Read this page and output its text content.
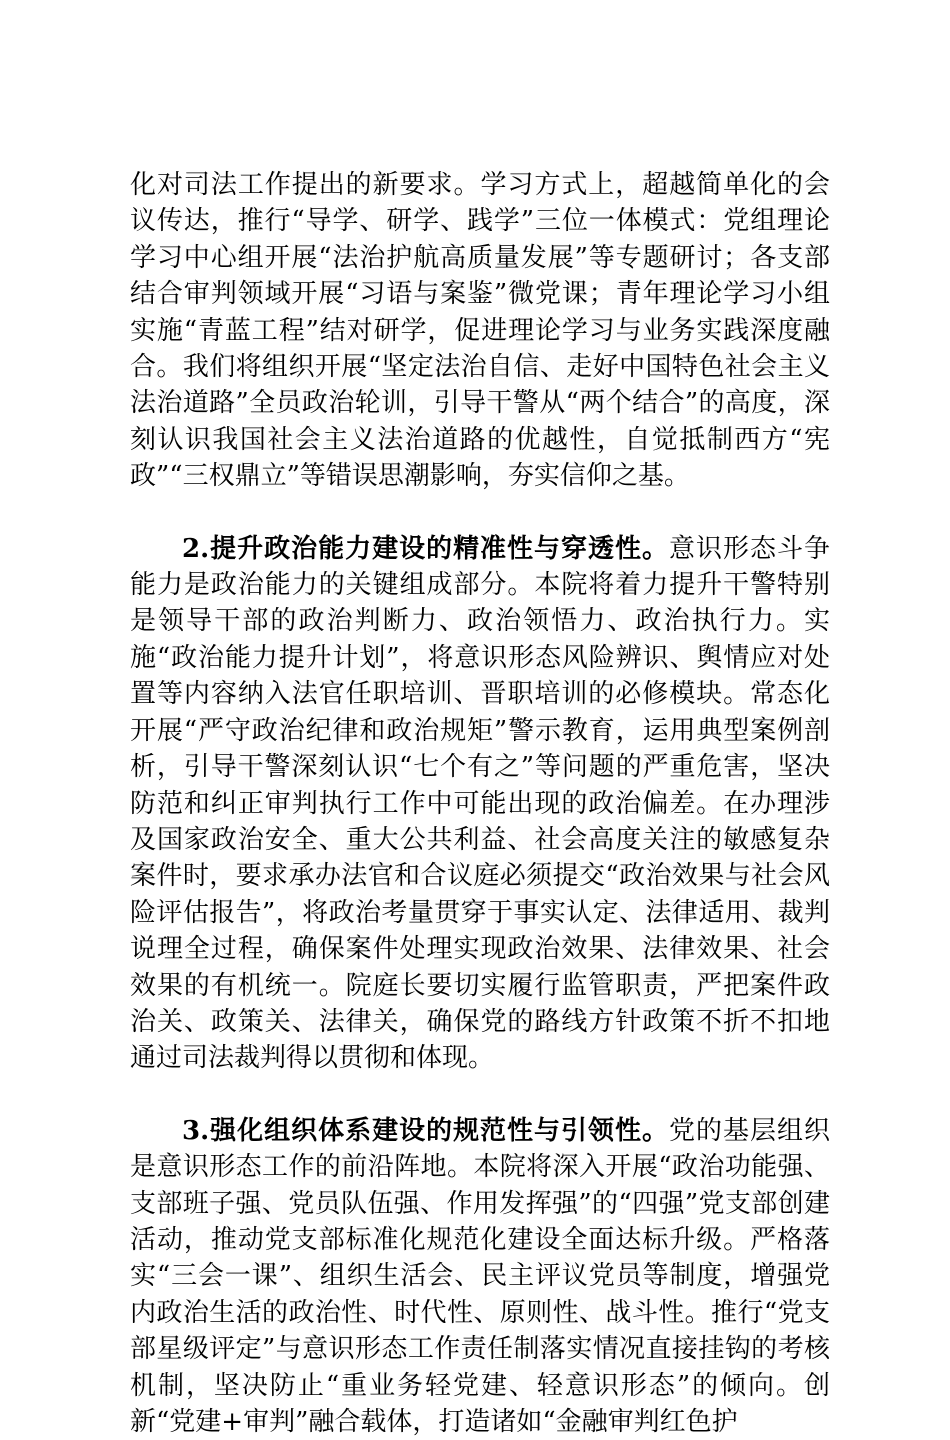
化对司法工作提出的新要求。学习方式上，超越简单化的会议传达，推行“导学、研学、践学”三位一体模式：党组理论学习中心组开展“法治护航高质量发展”等专题研讨；各支部结合审判领域开展“习语与案鉴”微党课；青年理论学习小组实施“青蓝工程”结对研学，促进理论学习与业务实践深度融合。我们将组织开展“坚定法治自信、走好中国特色社会主义法治道路”全员政治轮训，引导干警从“两个结合”的高度，深刻认识我国社会主义法治道路的优越性，自觉抵制西方“宪政”“三权鼎立”等错误思潮影响，夯实信仰之基。

2.提升政治能力建设的精准性与穿透性。意识形态斗争能力是政治能力的关键组成部分。本院将着力提升干警特别是领导干部的政治判断力、政治领悟力、政治执行力。实施“政治能力提升计划”，将意识形态风险辨识、舆情应对处置等内容纳入法官任职培训、晋职培训的必修模块。常态化开展“严守政治纪律和政治规矩”警示教育，运用典型案例剖析，引导干警深刻认识“七个有之”等问题的严重危害，坚决防范和纠正审判执行工作中可能出现的政治偏差。在办理涉及国家政治安全、重大公共利益、社会高度关注的敏感复杂案件时，要求承办法官和合议庭必须提交“政治效果与社会风险评估报告”，将政治考量贯穿于事实认定、法律适用、裁判说理全过程，确保案件处理实现政治效果、法律效果、社会效果的有机统一。院庭长要切实履行监管职责，严把案件政治关、政策关、法律关，确保党的路线方针政策不折不扣地通过司法裁判得以贯彻和体现。

3.强化组织体系建设的规范性与引领性。党的基层组织是意识形态工作的前沿阵地。本院将深入开展“政治功能强、支部班子强、党员队伍强、作用发挥强”的“四强”党支部创建活动，推动党支部标准化规范化建设全面达标升级。严格落实“三会一课”、组织生活会、民主评议党员等制度，增强党内政治生活的政治性、时代性、原则性、战斗性。推行“党支部星级评定”与意识形态工作责任制落实情况直接挂钩的考核机制，坚决防止“重业务轻党建、轻意识形态”的倾向。创新“党建+审判”融合载体，打造诸如“金融审判红色护
